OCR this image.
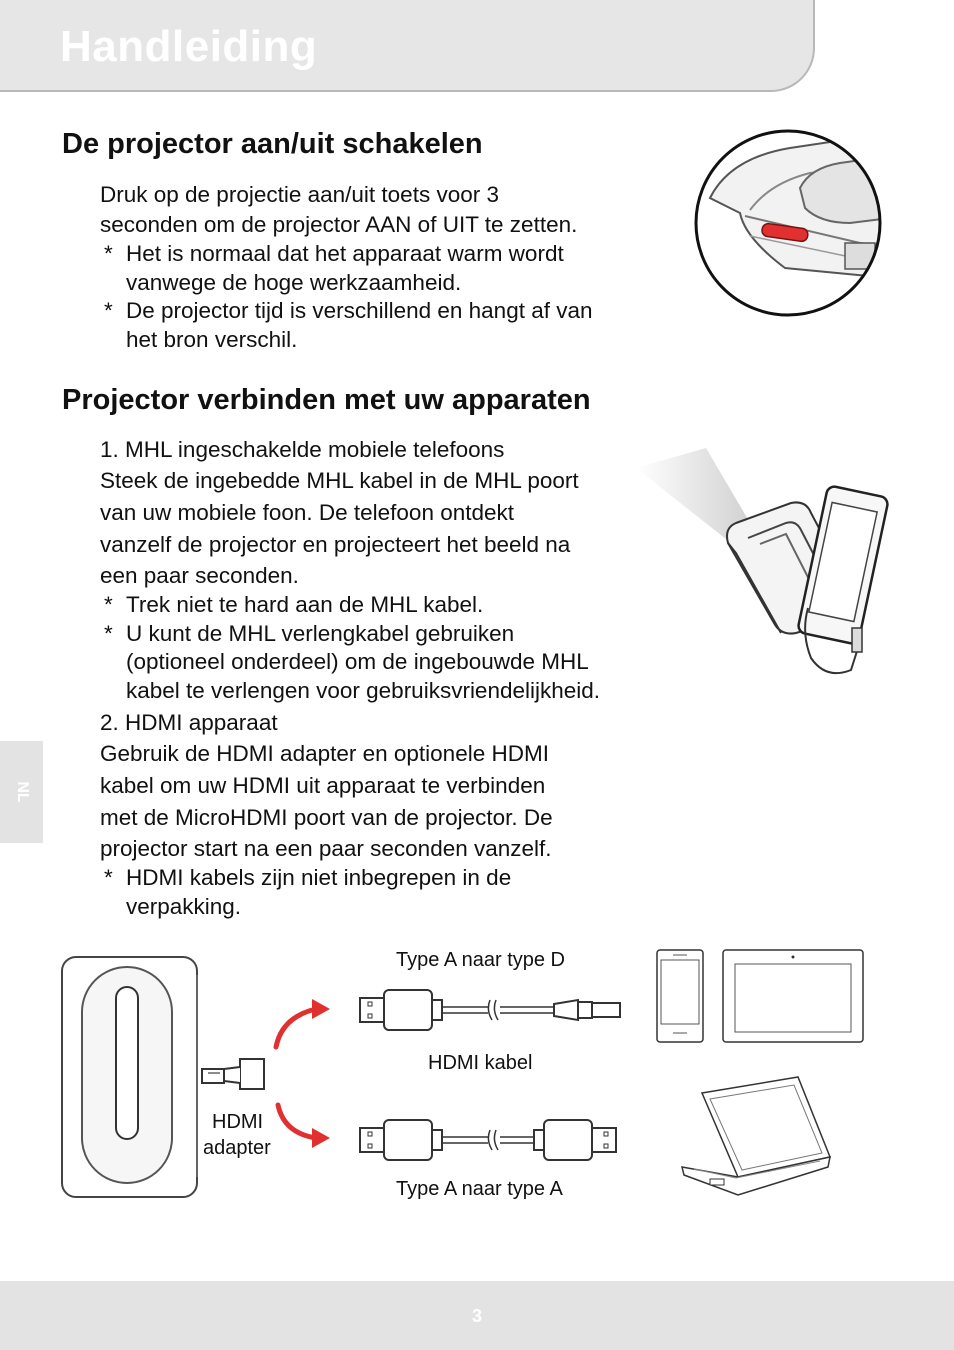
Handleiding
NL
De projector aan/uit schakelen
Druk op de projectie aan/uit toets voor 3
seconden om de projector AAN of UIT te zetten.
* Het is normaal dat het apparaat warm wordt
vanwege de hoge werkzaamheid.
* De projector tijd is verschillend en hangt af van
het bron verschil.
Projector verbinden met uw apparaten
1. MHL ingeschakelde mobiele telefoons
Steek de ingebedde MHL kabel in de MHL poort
van uw mobiele foon. De telefoon ontdekt
vanzelf de projector en projecteert het beeld na
een paar seconden.
* Trek niet te hard aan de MHL kabel.
* U kunt de MHL verlengkabel gebruiken
(optioneel onderdeel) om de ingebouwde MHL
kabel te verlengen voor gebruiksvriendelijkheid.
2. HDMI apparaat
Gebruik de HDMI adapter en optionele HDMI
kabel om uw HDMI uit apparaat te verbinden
met de MicroHDMI poort van de projector. De
projector start na een paar seconden vanzelf.
* HDMI kabels zijn niet inbegrepen in de
verpakking.
HDMI
adapter
Type A naar type D
HDMI kabel
Type A naar type A
3
